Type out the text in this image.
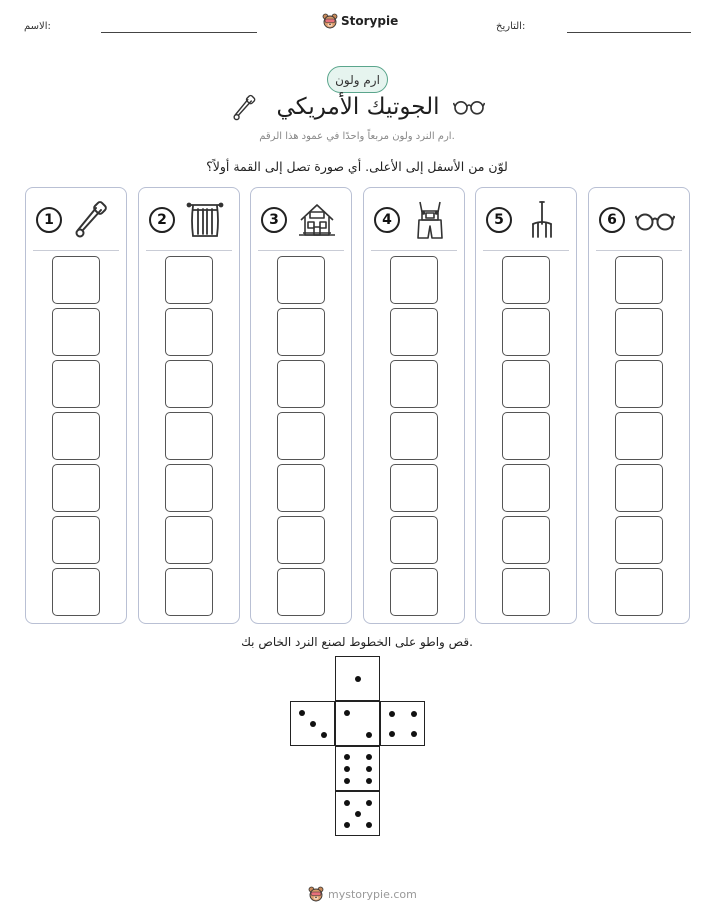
الاسم:	Storypie	التاريخ:
ارم ولون
الجوتيك الأمريكي
ارم النرد ولون مربعاً واحدًا في عمود هذا الرقم.
لوّن من الأسفل إلى الأعلى. أي صورة تصل إلى القمة أولاً؟
1	2	3	4	5	6
قص واطو على الخطوط لصنع النرد الخاص بك.
mystorypie.com
